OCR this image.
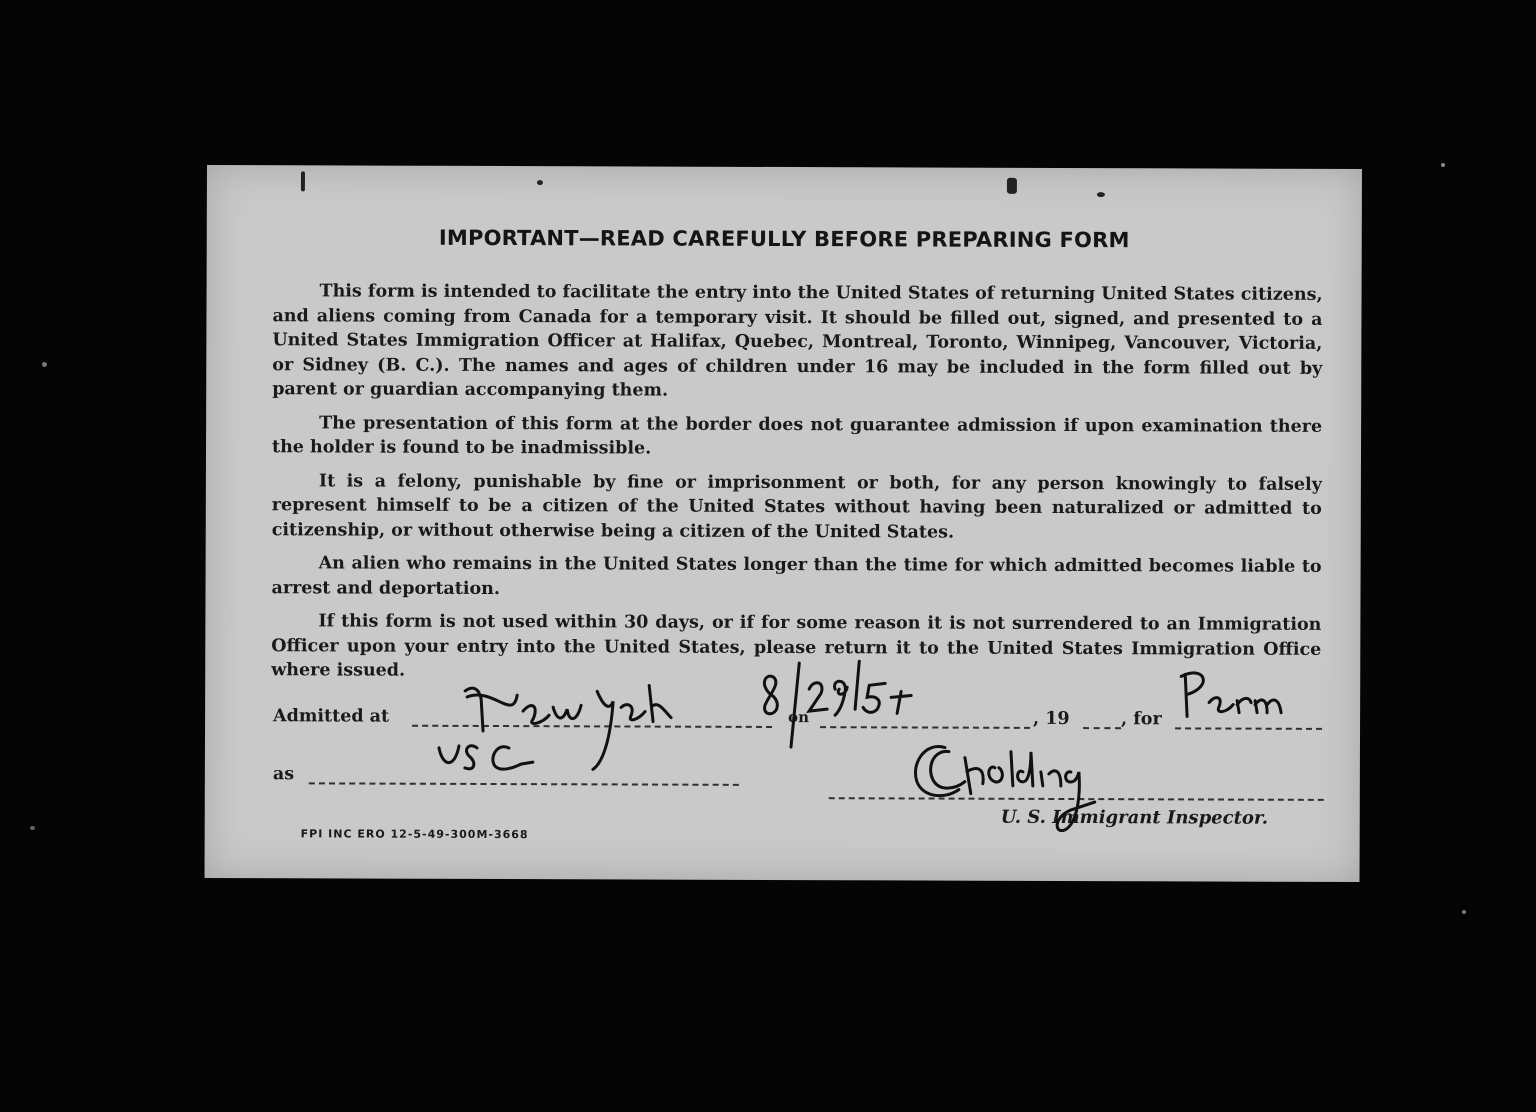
IMPORTANT—READ CAREFULLY BEFORE PREPARING FORM

This form is intended to facilitate the entry into the United States of returning United States citizens, and aliens coming from Canada for a temporary visit. It should be filled out, signed, and presented to a United States Immigration Officer at Halifax, Quebec, Montreal, Toronto, Winnipeg, Vancouver, Victoria, or Sidney (B. C.). The names and ages of children under 16 may be included in the form filled out by parent or guardian accompanying them.

The presentation of this form at the border does not guarantee admission if upon examination there the holder is found to be inadmissible.

It is a felony, punishable by fine or imprisonment or both, for any person knowingly to falsely represent himself to be a citizen of the United States without having been naturalized or admitted to citizenship, or without otherwise being a citizen of the United States.

An alien who remains in the United States longer than the time for which admitted becomes liable to arrest and deportation.

If this form is not used within 30 days, or if for some reason it is not surrendered to an Immigration Officer upon your entry into the United States, please return it to the United States Immigration Office where issued.

Admitted at	on	, 19	, for
as
U. S. Immigrant Inspector.
FPI INC ERO 12-5-49-300M-3668
